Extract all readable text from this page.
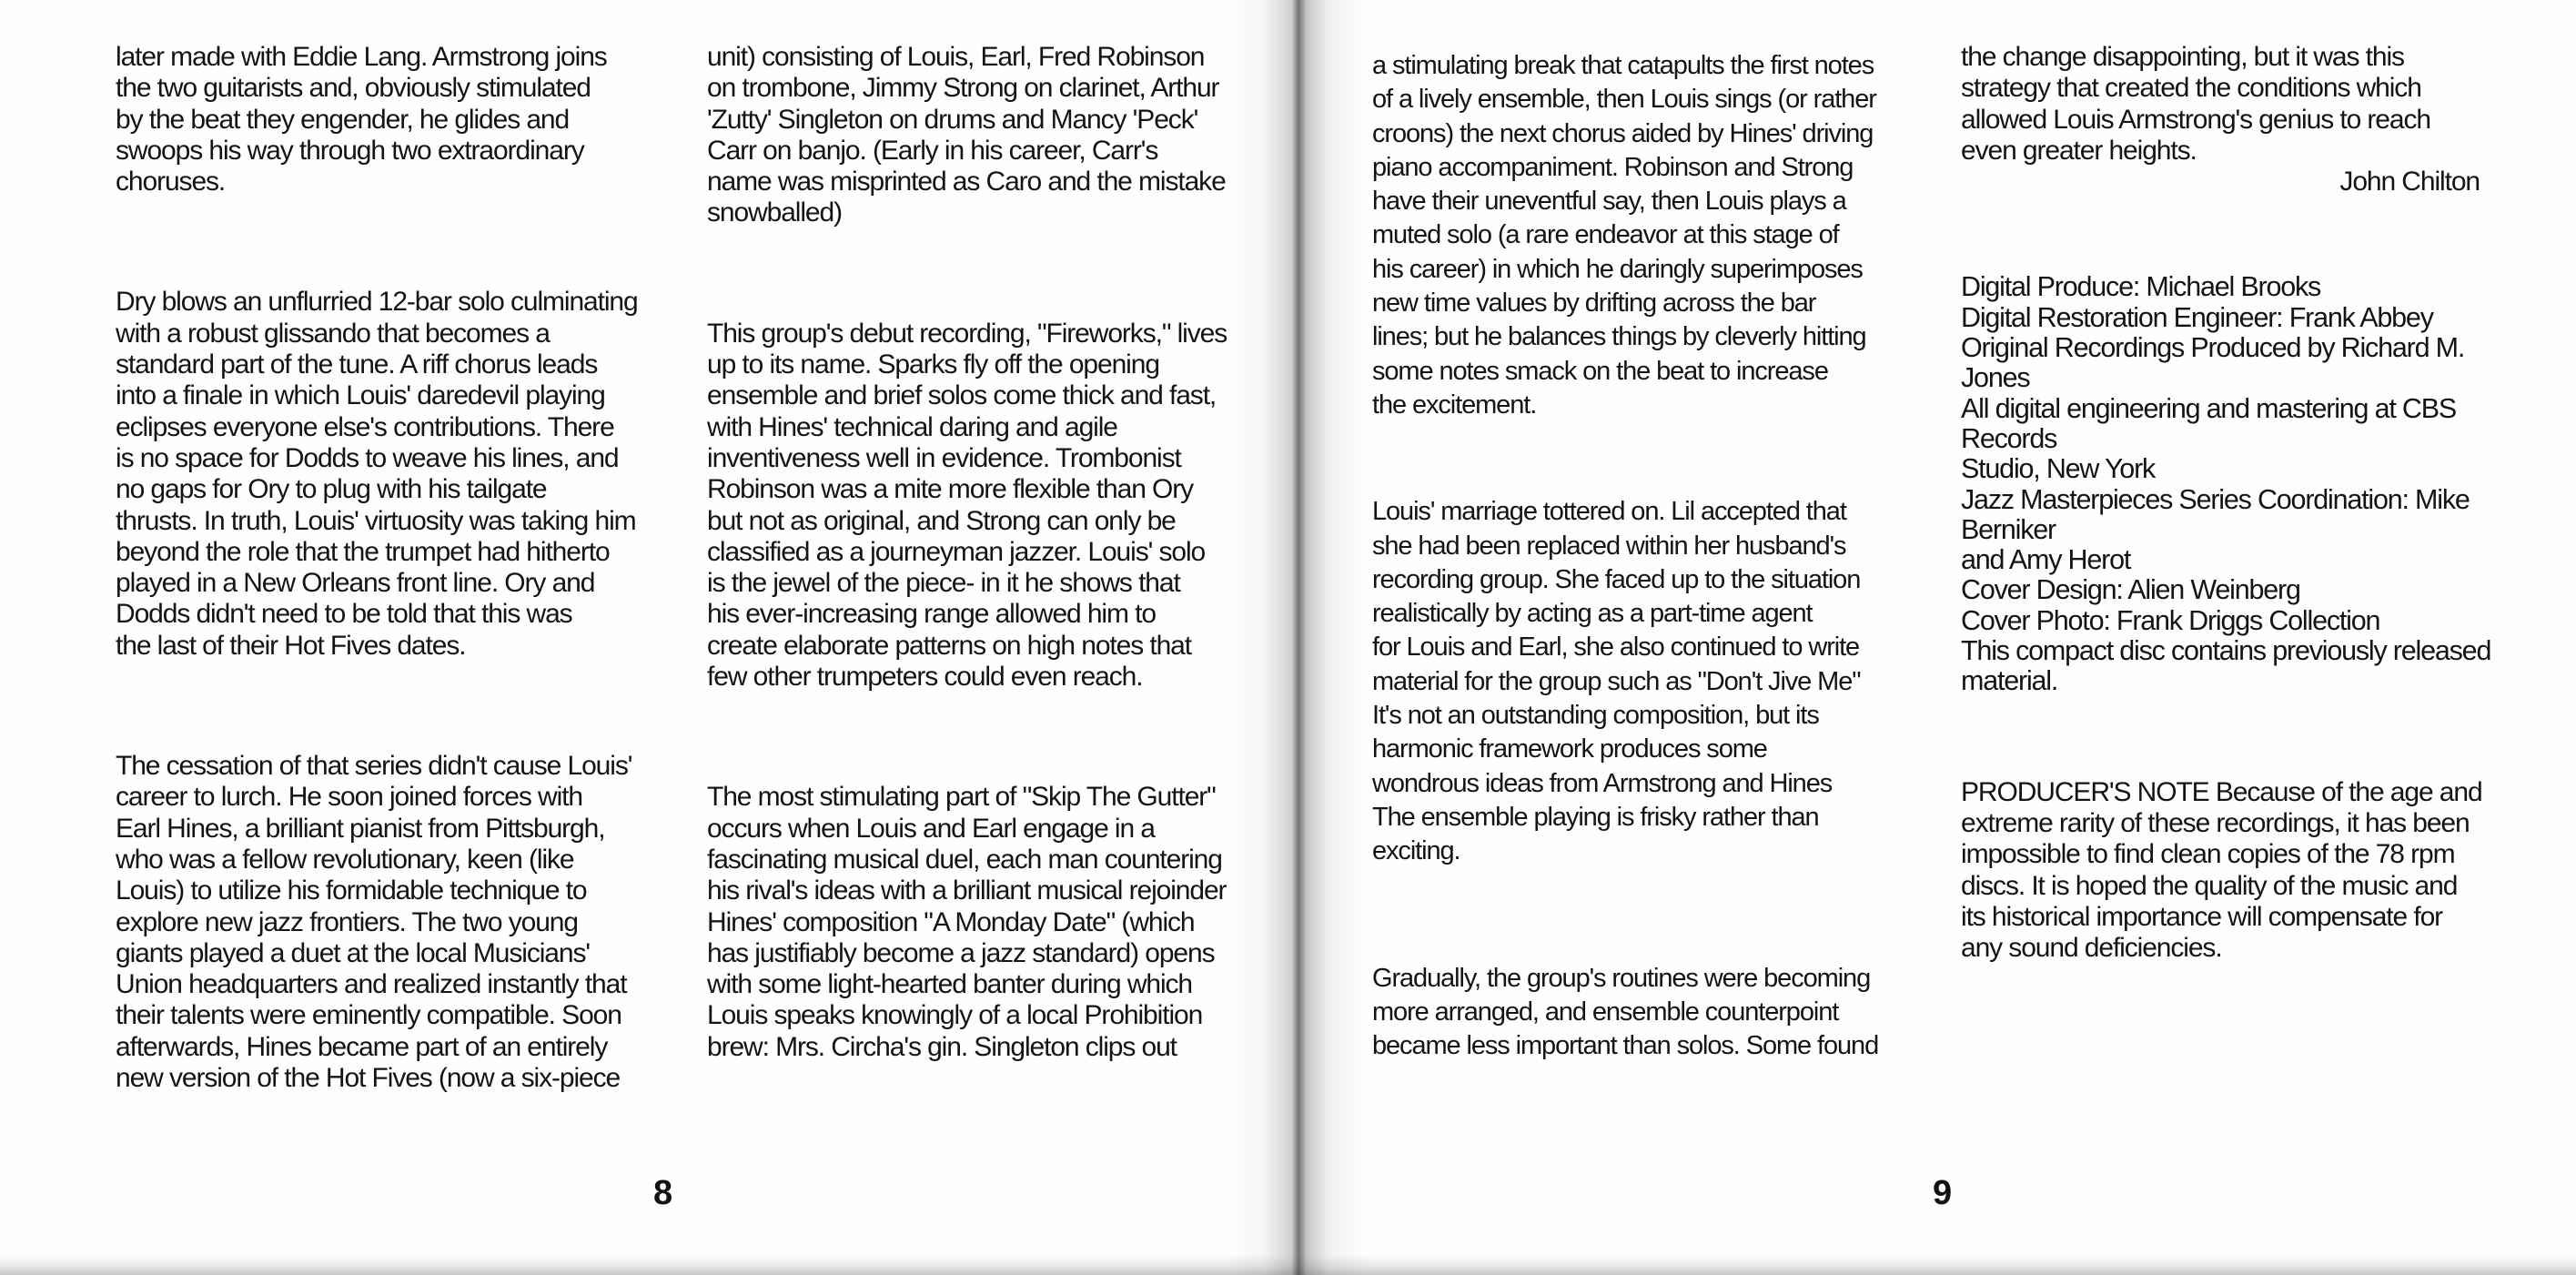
later made with Eddie Lang. Armstrong joins
the two guitarists and, obviously stimulated
by the beat they engender, he glides and
swoops his way through two extraordinary
choruses.

Dry blows an unflurried 12-bar solo culminating
with a robust glissando that becomes a
standard part of the tune. A riff chorus leads
into a finale in which Louis' daredevil playing
eclipses everyone else's contributions. There
is no space for Dodds to weave his lines, and
no gaps for Ory to plug with his tailgate
thrusts. In truth, Louis' virtuosity was taking him
beyond the role that the trumpet had hitherto
played in a New Orleans front line. Ory and
Dodds didn't need to be told that this was
the last of their Hot Fives dates.

The cessation of that series didn't cause Louis'
career to lurch. He soon joined forces with
Earl Hines, a brilliant pianist from Pittsburgh,
who was a fellow revolutionary, keen (like
Louis) to utilize his formidable technique to
explore new jazz frontiers. The two young
giants played a duet at the local Musicians'
Union headquarters and realized instantly that
their talents were eminently compatible. Soon
afterwards, Hines became part of an entirely
new version of the Hot Fives (now a six-piece

unit) consisting of Louis, Earl, Fred Robinson
on trombone, Jimmy Strong on clarinet, Arthur
'Zutty' Singleton on drums and Mancy 'Peck'
Carr on banjo. (Early in his career, Carr's
name was misprinted as Caro and the mistake
snowballed)

This group's debut recording, "Fireworks," lives
up to its name. Sparks fly off the opening
ensemble and brief solos come thick and fast,
with Hines' technical daring and agile
inventiveness well in evidence. Trombonist
Robinson was a mite more flexible than Ory
but not as original, and Strong can only be
classified as a journeyman jazzer. Louis' solo
is the jewel of the piece- in it he shows that
his ever-increasing range allowed him to
create elaborate patterns on high notes that
few other trumpeters could even reach.

The most stimulating part of "Skip The Gutter"
occurs when Louis and Earl engage in a
fascinating musical duel, each man countering
his rival's ideas with a brilliant musical rejoinder
Hines' composition "A Monday Date" (which
has justifiably become a jazz standard) opens
with some light-hearted banter during which
Louis speaks knowingly of a local Prohibition
brew: Mrs. Circha's gin. Singleton clips out

8

a stimulating break that catapults the first notes
of a lively ensemble, then Louis sings (or rather
croons) the next chorus aided by Hines' driving
piano accompaniment. Robinson and Strong
have their uneventful say, then Louis plays a
muted solo (a rare endeavor at this stage of
his career) in which he daringly superimposes
new time values by drifting across the bar
lines; but he balances things by cleverly hitting
some notes smack on the beat to increase
the excitement.

Louis' marriage tottered on. Lil accepted that
she had been replaced within her husband's
recording group. She faced up to the situation
realistically by acting as a part-time agent
for Louis and Earl, she also continued to write
material for the group such as "Don't Jive Me"
It's not an outstanding composition, but its
harmonic framework produces some
wondrous ideas from Armstrong and Hines
The ensemble playing is frisky rather than
exciting.

Gradually, the group's routines were becoming
more arranged, and ensemble counterpoint
became less important than solos. Some found

the change disappointing, but it was this
strategy that created the conditions which
allowed Louis Armstrong's genius to reach
even greater heights.

John Chilton

Digital Produce: Michael Brooks
Digital Restoration Engineer: Frank Abbey
Original Recordings Produced by Richard M.
Jones
All digital engineering and mastering at CBS
Records
Studio, New York
Jazz Masterpieces Series Coordination: Mike
Berniker
and Amy Herot
Cover Design: Alien Weinberg
Cover Photo: Frank Driggs Collection
This compact disc contains previously released
material.

PRODUCER'S NOTE Because of the age and
extreme rarity of these recordings, it has been
impossible to find clean copies of the 78 rpm
discs. It is hoped the quality of the music and
its historical importance will compensate for
any sound deficiencies.

9
